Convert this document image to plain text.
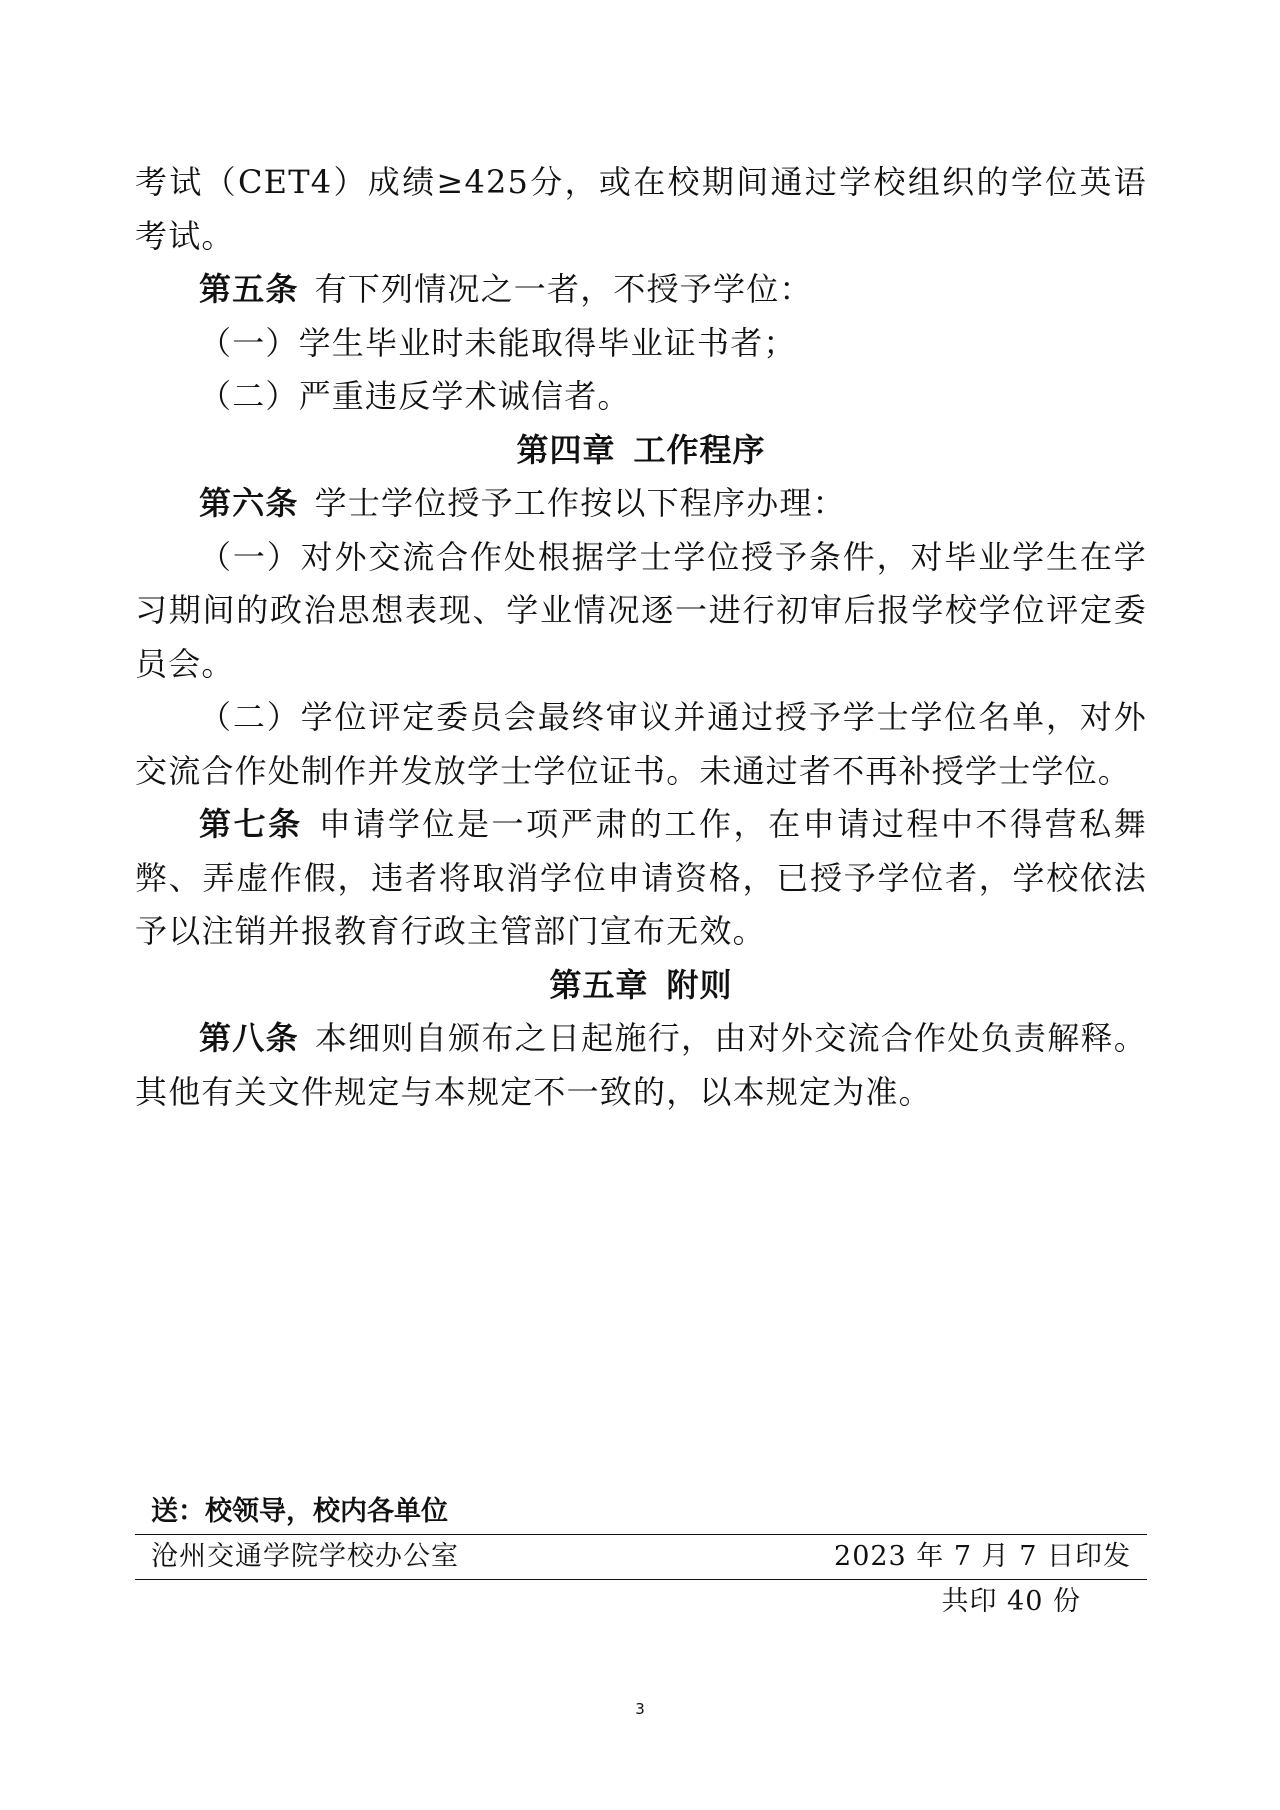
考试（CET4）成绩≥425分，或在校期间通过学校组织的学位英语考试。

第五条 有下列情况之一者，不授予学位：

（一）学生毕业时未能取得毕业证书者；

（二）严重违反学术诚信者。

第四章 工作程序

第六条 学士学位授予工作按以下程序办理：

（一）对外交流合作处根据学士学位授予条件，对毕业学生在学习期间的政治思想表现、学业情况逐一进行初审后报学校学位评定委员会。

（二）学位评定委员会最终审议并通过授予学士学位名单，对外交流合作处制作并发放学士学位证书。未通过者不再补授学士学位。

第七条 申请学位是一项严肃的工作，在申请过程中不得营私舞弊、弄虚作假，违者将取消学位申请资格，已授予学位者，学校依法予以注销并报教育行政主管部门宣布无效。

第五章 附则

第八条 本细则自颁布之日起施行，由对外交流合作处负责解释。其他有关文件规定与本规定不一致的，以本规定为准。

送：校领导，校内各单位
沧州交通学院学校办公室	2023 年 7 月 7 日印发
共印 40 份
3
